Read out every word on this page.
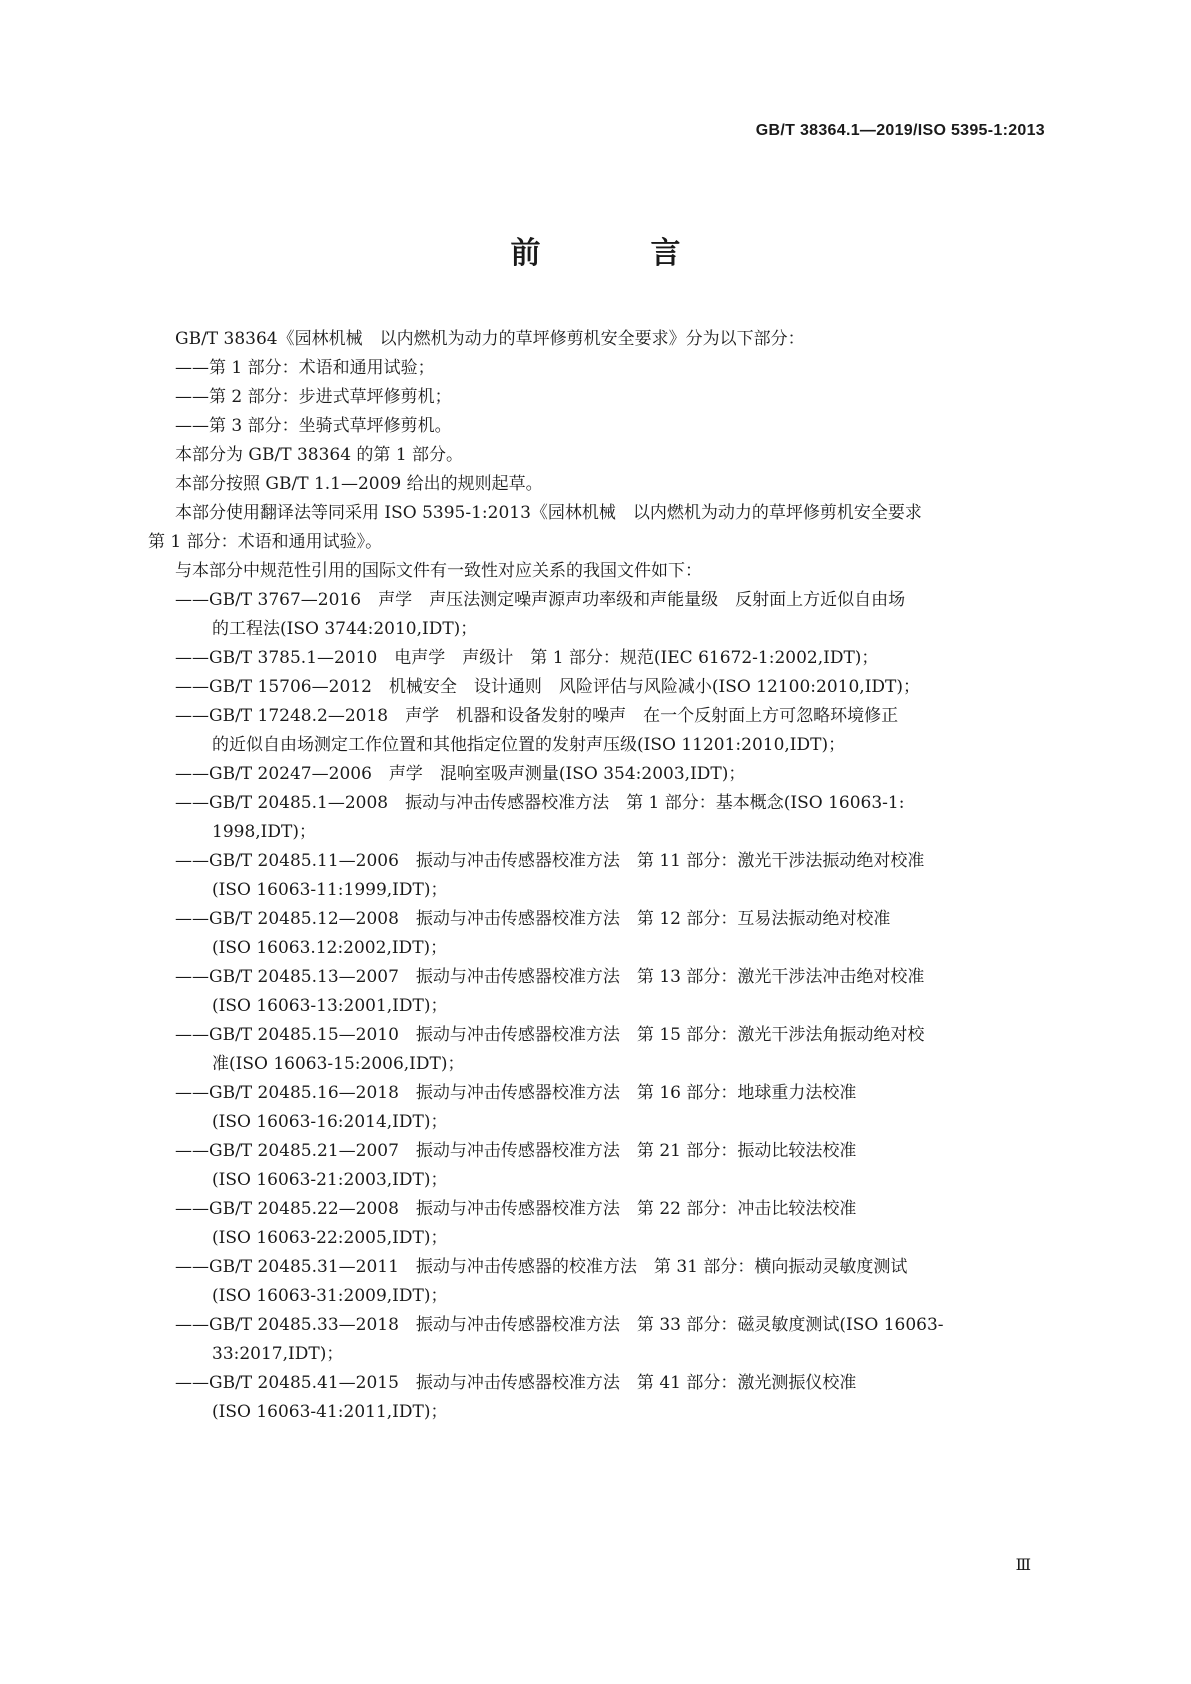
GB/T 38364.1—2019/ISO 5395-1:2013
前　言
GB/T 38364《园林机械　以内燃机为动力的草坪修剪机安全要求》分为以下部分：
——第 1 部分：术语和通用试验；
——第 2 部分：步进式草坪修剪机；
——第 3 部分：坐骑式草坪修剪机。
本部分为 GB/T 38364 的第 1 部分。
本部分按照 GB/T 1.1—2009 给出的规则起草。
本部分使用翻译法等同采用 ISO 5395-1:2013《园林机械　以内燃机为动力的草坪修剪机安全要求
第 1 部分：术语和通用试验》。
与本部分中规范性引用的国际文件有一致性对应关系的我国文件如下：
——GB/T 3767—2016　声学　声压法测定噪声源声功率级和声能量级　反射面上方近似自由场
的工程法(ISO 3744:2010,IDT)；
——GB/T 3785.1—2010　电声学　声级计　第 1 部分：规范(IEC 61672-1:2002,IDT)；
——GB/T 15706—2012　机械安全　设计通则　风险评估与风险减小(ISO 12100:2010,IDT)；
——GB/T 17248.2—2018　声学　机器和设备发射的噪声　在一个反射面上方可忽略环境修正
的近似自由场测定工作位置和其他指定位置的发射声压级(ISO 11201:2010,IDT)；
——GB/T 20247—2006　声学　混响室吸声测量(ISO 354:2003,IDT)；
——GB/T 20485.1—2008　振动与冲击传感器校准方法　第 1 部分：基本概念(ISO 16063-1:
1998,IDT)；
——GB/T 20485.11—2006　振动与冲击传感器校准方法　第 11 部分：激光干涉法振动绝对校准
(ISO 16063-11:1999,IDT)；
——GB/T 20485.12—2008　振动与冲击传感器校准方法　第 12 部分：互易法振动绝对校准
(ISO 16063.12:2002,IDT)；
——GB/T 20485.13—2007　振动与冲击传感器校准方法　第 13 部分：激光干涉法冲击绝对校准
(ISO 16063-13:2001,IDT)；
——GB/T 20485.15—2010　振动与冲击传感器校准方法　第 15 部分：激光干涉法角振动绝对校
准(ISO 16063-15:2006,IDT)；
——GB/T 20485.16—2018　振动与冲击传感器校准方法　第 16 部分：地球重力法校准
(ISO 16063-16:2014,IDT)；
——GB/T 20485.21—2007　振动与冲击传感器校准方法　第 21 部分：振动比较法校准
(ISO 16063-21:2003,IDT)；
——GB/T 20485.22—2008　振动与冲击传感器校准方法　第 22 部分：冲击比较法校准
(ISO 16063-22:2005,IDT)；
——GB/T 20485.31—2011　振动与冲击传感器的校准方法　第 31 部分：横向振动灵敏度测试
(ISO 16063-31:2009,IDT)；
——GB/T 20485.33—2018　振动与冲击传感器校准方法　第 33 部分：磁灵敏度测试(ISO 16063-
33:2017,IDT)；
——GB/T 20485.41—2015　振动与冲击传感器校准方法　第 41 部分：激光测振仪校准
(ISO 16063-41:2011,IDT)；
Ⅲ
